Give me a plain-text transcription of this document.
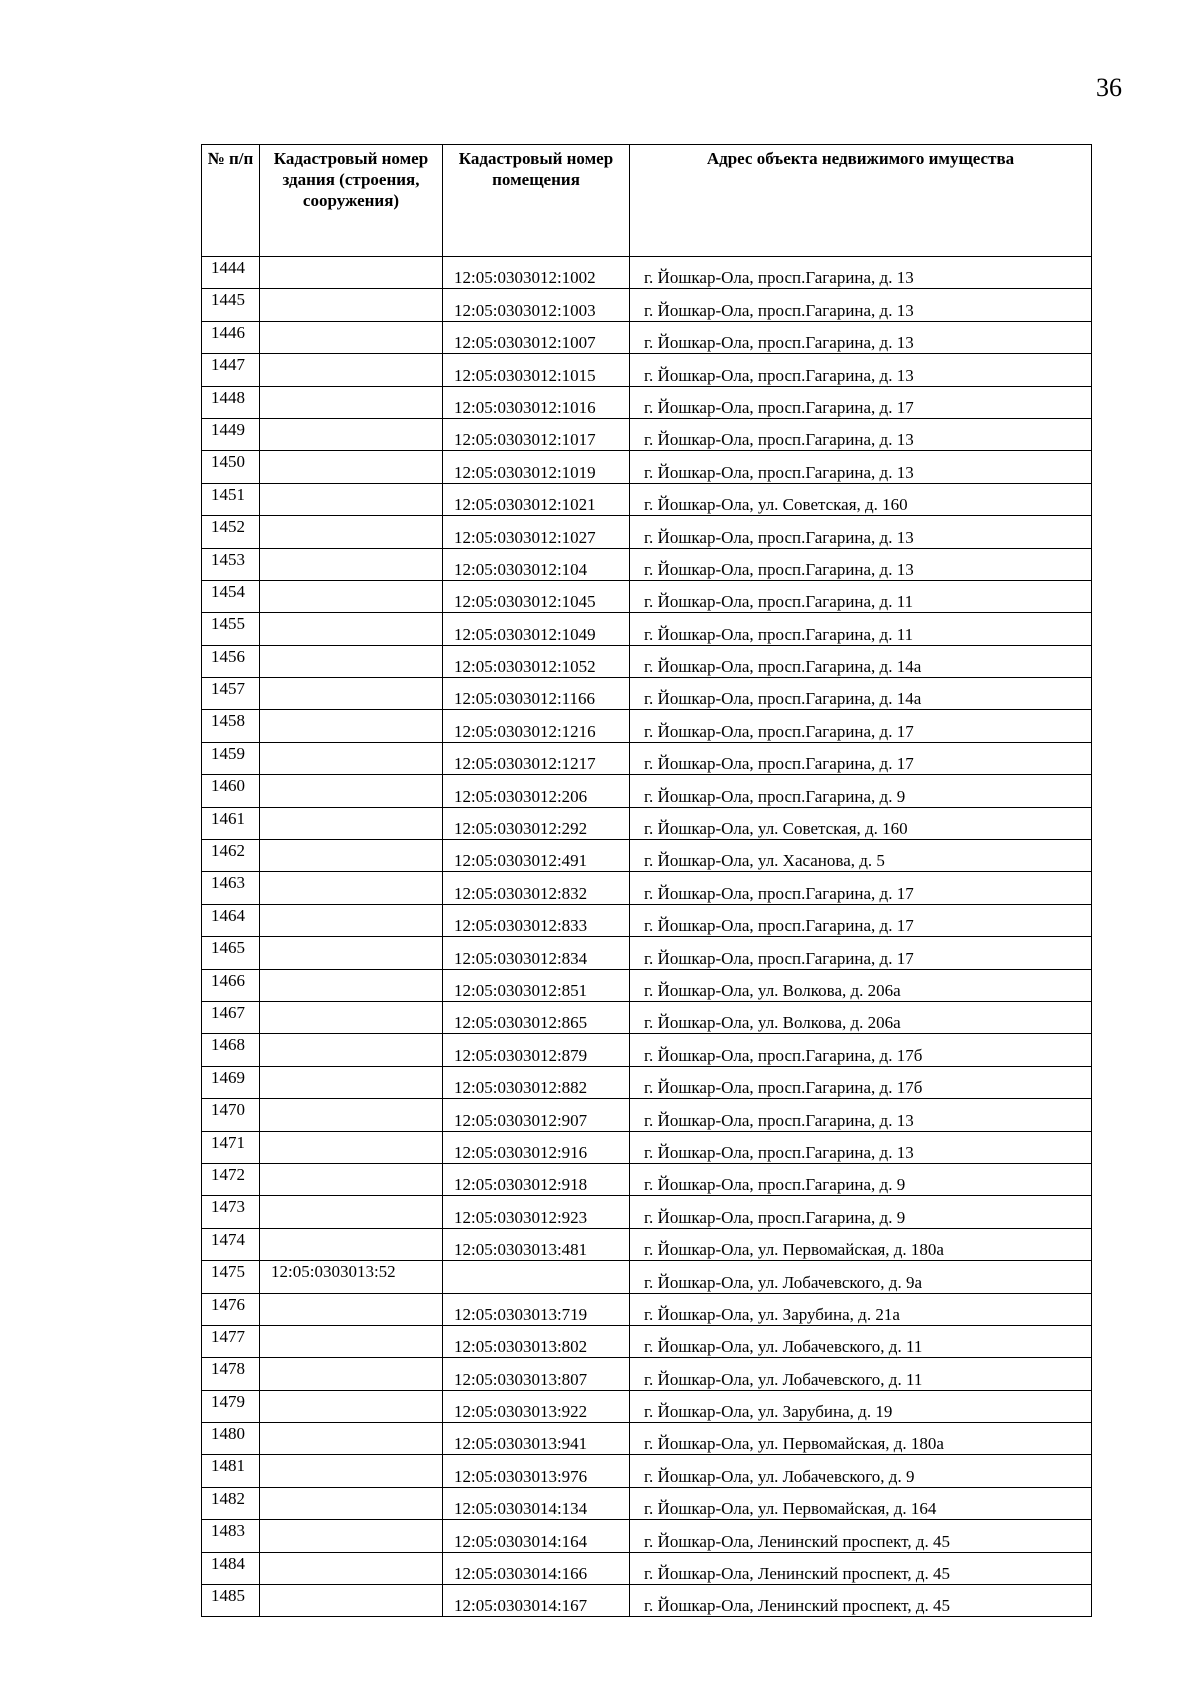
36
№ п/п	Кадастровый номер здания (строения, сооружения)	Кадастровый номер помещения	Адрес объекта недвижимого имущества
1444		12:05:0303012:1002	г. Йошкар-Ола, просп.Гагарина, д. 13
1445		12:05:0303012:1003	г. Йошкар-Ола, просп.Гагарина, д. 13
1446		12:05:0303012:1007	г. Йошкар-Ола, просп.Гагарина, д. 13
1447		12:05:0303012:1015	г. Йошкар-Ола, просп.Гагарина, д. 13
1448		12:05:0303012:1016	г. Йошкар-Ола, просп.Гагарина, д. 17
1449		12:05:0303012:1017	г. Йошкар-Ола, просп.Гагарина, д. 13
1450		12:05:0303012:1019	г. Йошкар-Ола, просп.Гагарина, д. 13
1451		12:05:0303012:1021	г. Йошкар-Ола, ул. Советская, д. 160
1452		12:05:0303012:1027	г. Йошкар-Ола, просп.Гагарина, д. 13
1453		12:05:0303012:104	г. Йошкар-Ола, просп.Гагарина, д. 13
1454		12:05:0303012:1045	г. Йошкар-Ола, просп.Гагарина, д. 11
1455		12:05:0303012:1049	г. Йошкар-Ола, просп.Гагарина, д. 11
1456		12:05:0303012:1052	г. Йошкар-Ола, просп.Гагарина, д. 14а
1457		12:05:0303012:1166	г. Йошкар-Ола, просп.Гагарина, д. 14а
1458		12:05:0303012:1216	г. Йошкар-Ола, просп.Гагарина, д. 17
1459		12:05:0303012:1217	г. Йошкар-Ола, просп.Гагарина, д. 17
1460		12:05:0303012:206	г. Йошкар-Ола, просп.Гагарина, д. 9
1461		12:05:0303012:292	г. Йошкар-Ола, ул. Советская, д. 160
1462		12:05:0303012:491	г. Йошкар-Ола, ул. Хасанова, д. 5
1463		12:05:0303012:832	г. Йошкар-Ола, просп.Гагарина, д. 17
1464		12:05:0303012:833	г. Йошкар-Ола, просп.Гагарина, д. 17
1465		12:05:0303012:834	г. Йошкар-Ола, просп.Гагарина, д. 17
1466		12:05:0303012:851	г. Йошкар-Ола, ул. Волкова, д. 206а
1467		12:05:0303012:865	г. Йошкар-Ола, ул. Волкова, д. 206а
1468		12:05:0303012:879	г. Йошкар-Ола, просп.Гагарина, д. 17б
1469		12:05:0303012:882	г. Йошкар-Ола, просп.Гагарина, д. 17б
1470		12:05:0303012:907	г. Йошкар-Ола, просп.Гагарина, д. 13
1471		12:05:0303012:916	г. Йошкар-Ола, просп.Гагарина, д. 13
1472		12:05:0303012:918	г. Йошкар-Ола, просп.Гагарина, д. 9
1473		12:05:0303012:923	г. Йошкар-Ола, просп.Гагарина, д. 9
1474		12:05:0303013:481	г. Йошкар-Ола, ул. Первомайская, д. 180а
1475	12:05:0303013:52		г. Йошкар-Ола, ул. Лобачевского, д. 9а
1476		12:05:0303013:719	г. Йошкар-Ола, ул. Зарубина, д. 21а
1477		12:05:0303013:802	г. Йошкар-Ола, ул. Лобачевского, д. 11
1478		12:05:0303013:807	г. Йошкар-Ола, ул. Лобачевского, д. 11
1479		12:05:0303013:922	г. Йошкар-Ола, ул. Зарубина, д. 19
1480		12:05:0303013:941	г. Йошкар-Ола, ул. Первомайская, д. 180а
1481		12:05:0303013:976	г. Йошкар-Ола, ул. Лобачевского, д. 9
1482		12:05:0303014:134	г. Йошкар-Ола, ул. Первомайская, д. 164
1483		12:05:0303014:164	г. Йошкар-Ола, Ленинский проспект, д. 45
1484		12:05:0303014:166	г. Йошкар-Ола, Ленинский проспект, д. 45
1485		12:05:0303014:167	г. Йошкар-Ола, Ленинский проспект, д. 45
